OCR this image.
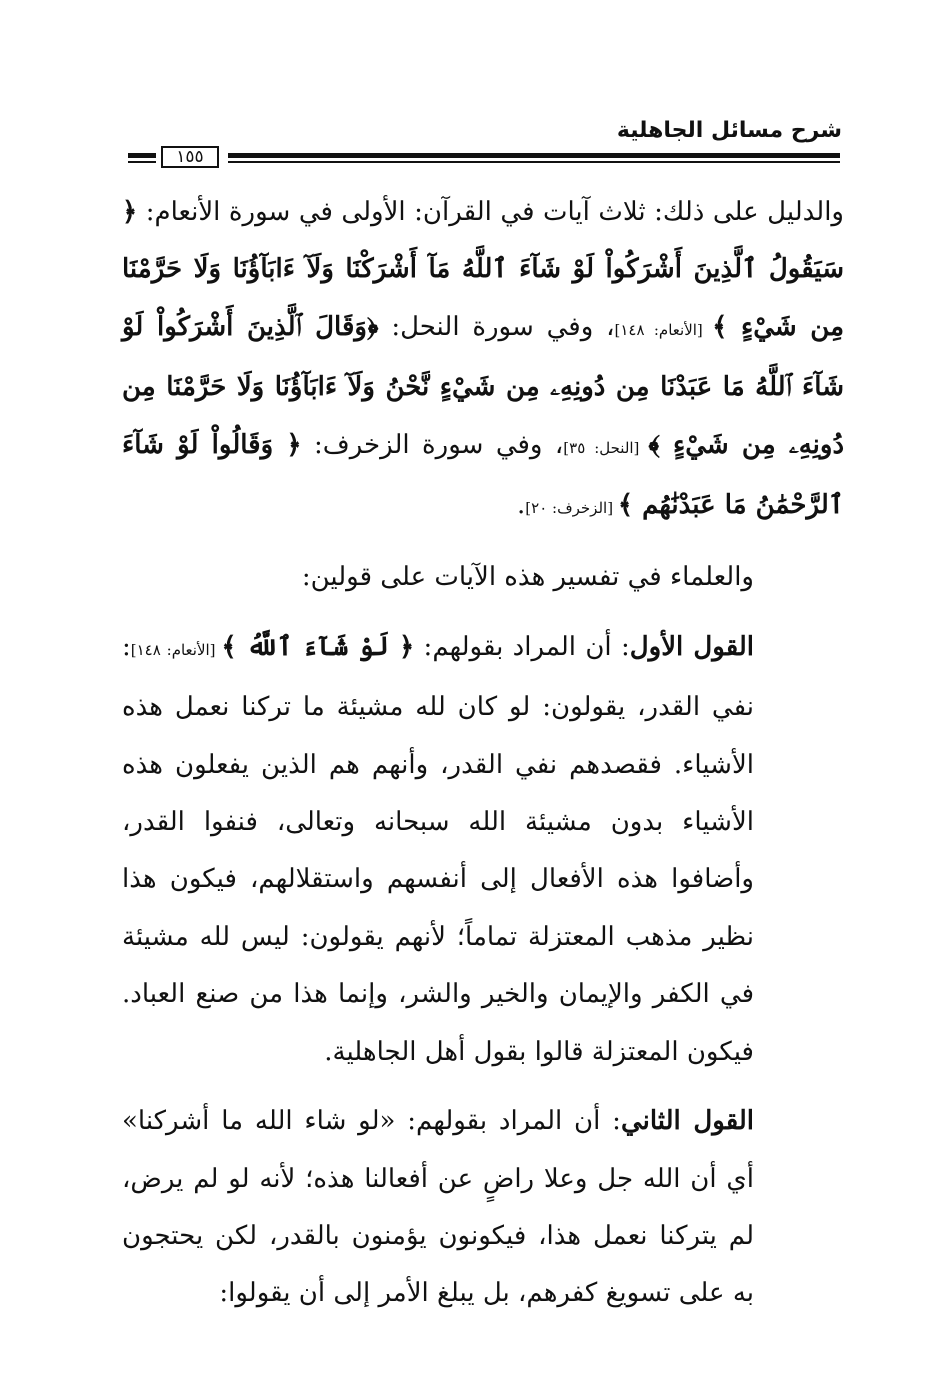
شرح مسائل الجاهلية
١٥٥

والدليل على ذلك: ثلاث آيات في القرآن: الأولى في سورة الأنعام: ﴿ سَيَقُولُ ٱلَّذِينَ أَشْرَكُواْ لَوْ شَآءَ ٱللَّهُ مَآ أَشْرَكْنَا وَلَآ ءَابَآؤُنَا وَلَا حَرَّمْنَا مِن شَيْءٍ ﴾ [الأنعام: ١٤٨]، وفي سورة النحل: ﴿وَقَالَ ٱلَّذِينَ أَشْرَكُواْ لَوْ شَآءَ ٱللَّهُ مَا عَبَدْنَا مِن دُونِهِۦ مِن شَيْءٍ نَّحْنُ وَلَآ ءَابَآؤُنَا وَلَا حَرَّمْنَا مِن دُونِهِۦ مِن شَيْءٍ ﴾ [النحل: ٣٥]، وفي سورة الزخرف: ﴿ وَقَالُواْ لَوْ شَآءَ ٱلرَّحْمَٰنُ مَا عَبَدْنَٰهُم ﴾ [الزخرف: ٢٠].

والعلماء في تفسير هذه الآيات على قولين:

القول الأول: أن المراد بقولهم: ﴿ لَوْ شَآءَ ٱللَّهُ ﴾ [الأنعام: ١٤٨]: نفي القدر، يقولون: لو كان لله مشيئة ما تركنا نعمل هذه الأشياء. فقصدهم نفي القدر، وأنهم هم الذين يفعلون هذه الأشياء بدون مشيئة الله سبحانه وتعالى، فنفوا القدر، وأضافوا هذه الأفعال إلى أنفسهم واستقلالهم، فيكون هذا نظير مذهب المعتزلة تماماً؛ لأنهم يقولون: ليس لله مشيئة في الكفر والإيمان والخير والشر، وإنما هذا من صنع العباد. فيكون المعتزلة قالوا بقول أهل الجاهلية.

القول الثاني: أن المراد بقولهم: «لو شاء الله ما أشركنا» أي أن الله جل وعلا راضٍ عن أفعالنا هذه؛ لأنه لو لم يرض، لم يتركنا نعمل هذا، فيكونون يؤمنون بالقدر، لكن يحتجون به على تسويغ كفرهم، بل يبلغ الأمر إلى أن يقولوا:
